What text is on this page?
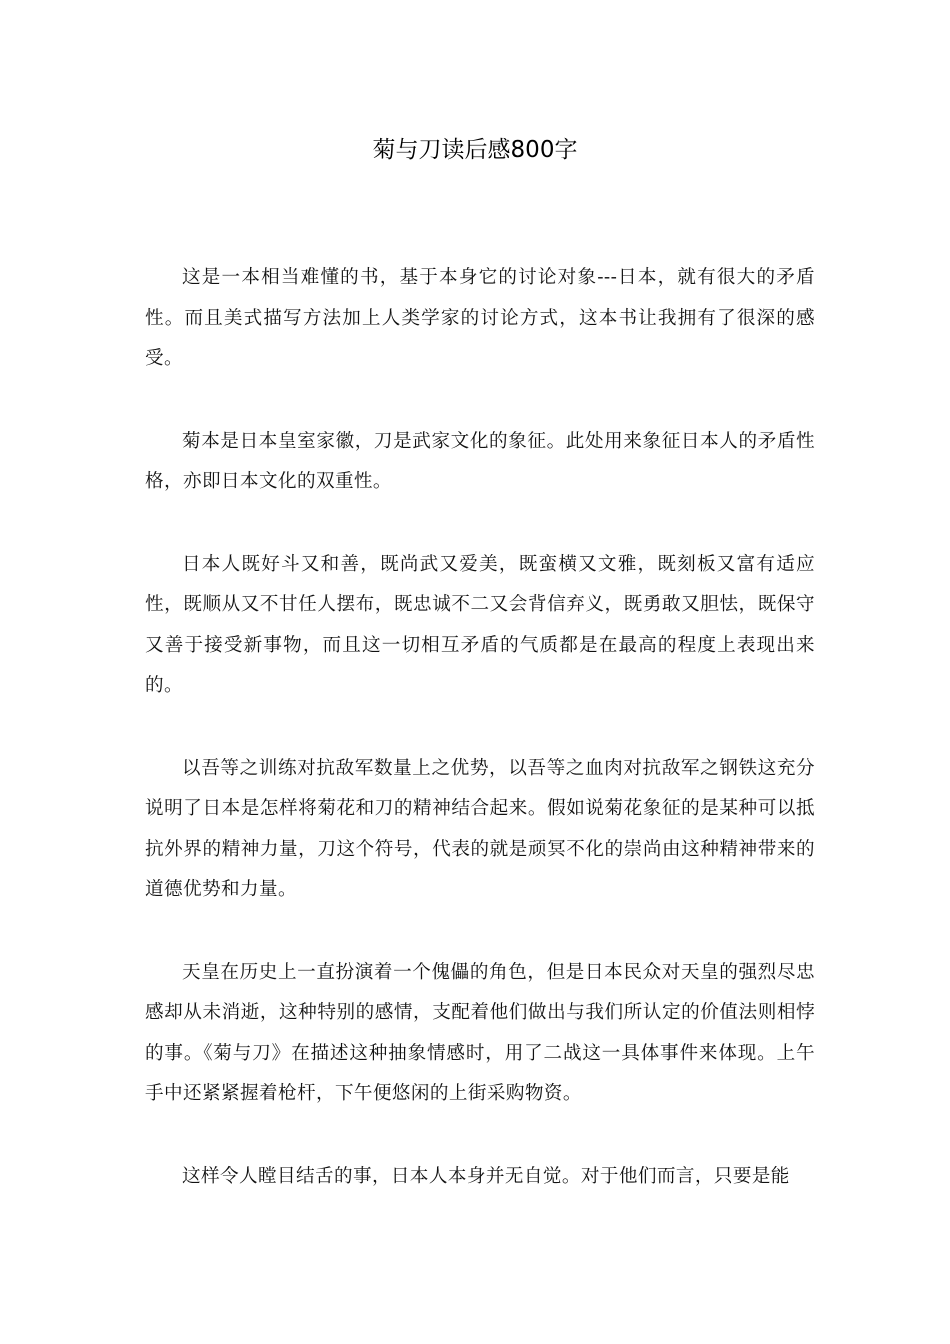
菊与刀读后感800字

这是一本相当难懂的书，基于本身它的讨论对象---日本，就有很大的矛盾性。而且美式描写方法加上人类学家的讨论方式，这本书让我拥有了很深的感受。

菊本是日本皇室家徽，刀是武家文化的象征。此处用来象征日本人的矛盾性格，亦即日本文化的双重性。

日本人既好斗又和善，既尚武又爱美，既蛮横又文雅，既刻板又富有适应性，既顺从又不甘任人摆布，既忠诚不二又会背信弃义，既勇敢又胆怯，既保守又善于接受新事物，而且这一切相互矛盾的气质都是在最高的程度上表现出来的。

以吾等之训练对抗敌军数量上之优势，以吾等之血肉对抗敌军之钢铁这充分说明了日本是怎样将菊花和刀的精神结合起来。假如说菊花象征的是某种可以抵抗外界的精神力量，刀这个符号，代表的就是顽冥不化的崇尚由这种精神带来的道德优势和力量。

天皇在历史上一直扮演着一个傀儡的角色，但是日本民众对天皇的强烈尽忠感却从未消逝，这种特别的感情，支配着他们做出与我们所认定的价值法则相悖的事。《菊与刀》在描述这种抽象情感时，用了二战这一具体事件来体现。上午手中还紧紧握着枪杆，下午便悠闲的上街采购物资。

这样令人瞠目结舌的事，日本人本身并无自觉。对于他们而言，只要是能
